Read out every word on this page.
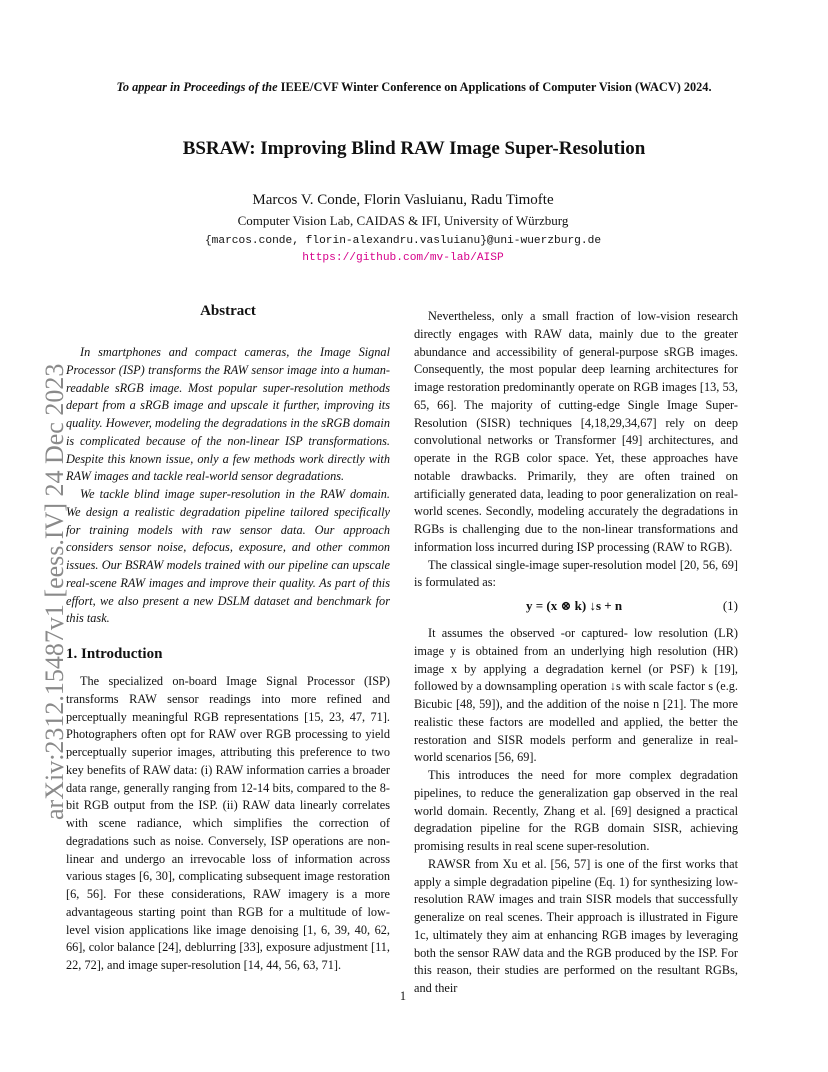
To appear in Proceedings of the IEEE/CVF Winter Conference on Applications of Computer Vision (WACV) 2024.
BSRAW: Improving Blind RAW Image Super-Resolution
Marcos V. Conde, Florin Vasluianu, Radu Timofte
Computer Vision Lab, CAIDAS & IFI, University of Würzburg
{marcos.conde, florin-alexandru.vasluianu}@uni-wuerzburg.de
https://github.com/mv-lab/AISP
arXiv:2312.15487v1 [eess.IV] 24 Dec 2023
Abstract

In smartphones and compact cameras, the Image Signal Processor (ISP) transforms the RAW sensor image into a human-readable sRGB image. Most popular super-resolution methods depart from a sRGB image and upscale it further, improving its quality. However, modeling the degradations in the sRGB domain is complicated because of the non-linear ISP transformations. Despite this known issue, only a few methods work directly with RAW images and tackle real-world sensor degradations.

We tackle blind image super-resolution in the RAW domain. We design a realistic degradation pipeline tailored specifically for training models with raw sensor data. Our approach considers sensor noise, defocus, exposure, and other common issues. Our BSRAW models trained with our pipeline can upscale real-scene RAW images and improve their quality. As part of this effort, we also present a new DSLM dataset and benchmark for this task.

1. Introduction

The specialized on-board Image Signal Processor (ISP) transforms RAW sensor readings into more refined and perceptually meaningful RGB representations [15, 23, 47, 71]. Photographers often opt for RAW over RGB processing to yield perceptually superior images, attributing this preference to two key benefits of RAW data: (i) RAW information carries a broader data range, generally ranging from 12-14 bits, compared to the 8-bit RGB output from the ISP. (ii) RAW data linearly correlates with scene radiance, which simplifies the correction of degradations such as noise. Conversely, ISP operations are non-linear and undergo an irrevocable loss of information across various stages [6, 30], complicating subsequent image restoration [6, 56]. For these considerations, RAW imagery is a more advantageous starting point than RGB for a multitude of low-level vision applications like image denoising [1, 6, 39, 40, 62, 66], color balance [24], deblurring [33], exposure adjustment [11, 22, 72], and image super-resolution [14, 44, 56, 63, 71].

Nevertheless, only a small fraction of low-vision research directly engages with RAW data, mainly due to the greater abundance and accessibility of general-purpose sRGB images. Consequently, the most popular deep learning architectures for image restoration predominantly operate on RGB images [13, 53, 65, 66]. The majority of cutting-edge Single Image Super-Resolution (SISR) techniques [4,18,29,34,67] rely on deep convolutional networks or Transformer [49] architectures, and operate in the RGB color space. Yet, these approaches have notable drawbacks. Primarily, they are often trained on artificially generated data, leading to poor generalization on real-world scenes. Secondly, modeling accurately the degradations in RGBs is challenging due to the non-linear transformations and information loss incurred during ISP processing (RAW to RGB).

The classical single-image super-resolution model [20, 56, 69] is formulated as:

y = (x ⊗ k) ↓s + n	(1)

It assumes the observed -or captured- low resolution (LR) image y is obtained from an underlying high resolution (HR) image x by applying a degradation kernel (or PSF) k [19], followed by a downsampling operation ↓s with scale factor s (e.g. Bicubic [48, 59]), and the addition of the noise n [21]. The more realistic these factors are modelled and applied, the better the restoration and SISR models perform and generalize in real-world scenarios [56, 69].

This introduces the need for more complex degradation pipelines, to reduce the generalization gap observed in the real world domain. Recently, Zhang et al. [69] designed a practical degradation pipeline for the RGB domain SISR, achieving promising results in real scene super-resolution.

RAWSR from Xu et al. [56, 57] is one of the first works that apply a simple degradation pipeline (Eq. 1) for synthesizing low-resolution RAW images and train SISR models that successfully generalize on real scenes. Their approach is illustrated in Figure 1c, ultimately they aim at enhancing RGB images by leveraging both the sensor RAW data and the RGB produced by the ISP. For this reason, their studies are performed on the resultant RGBs, and their

1
